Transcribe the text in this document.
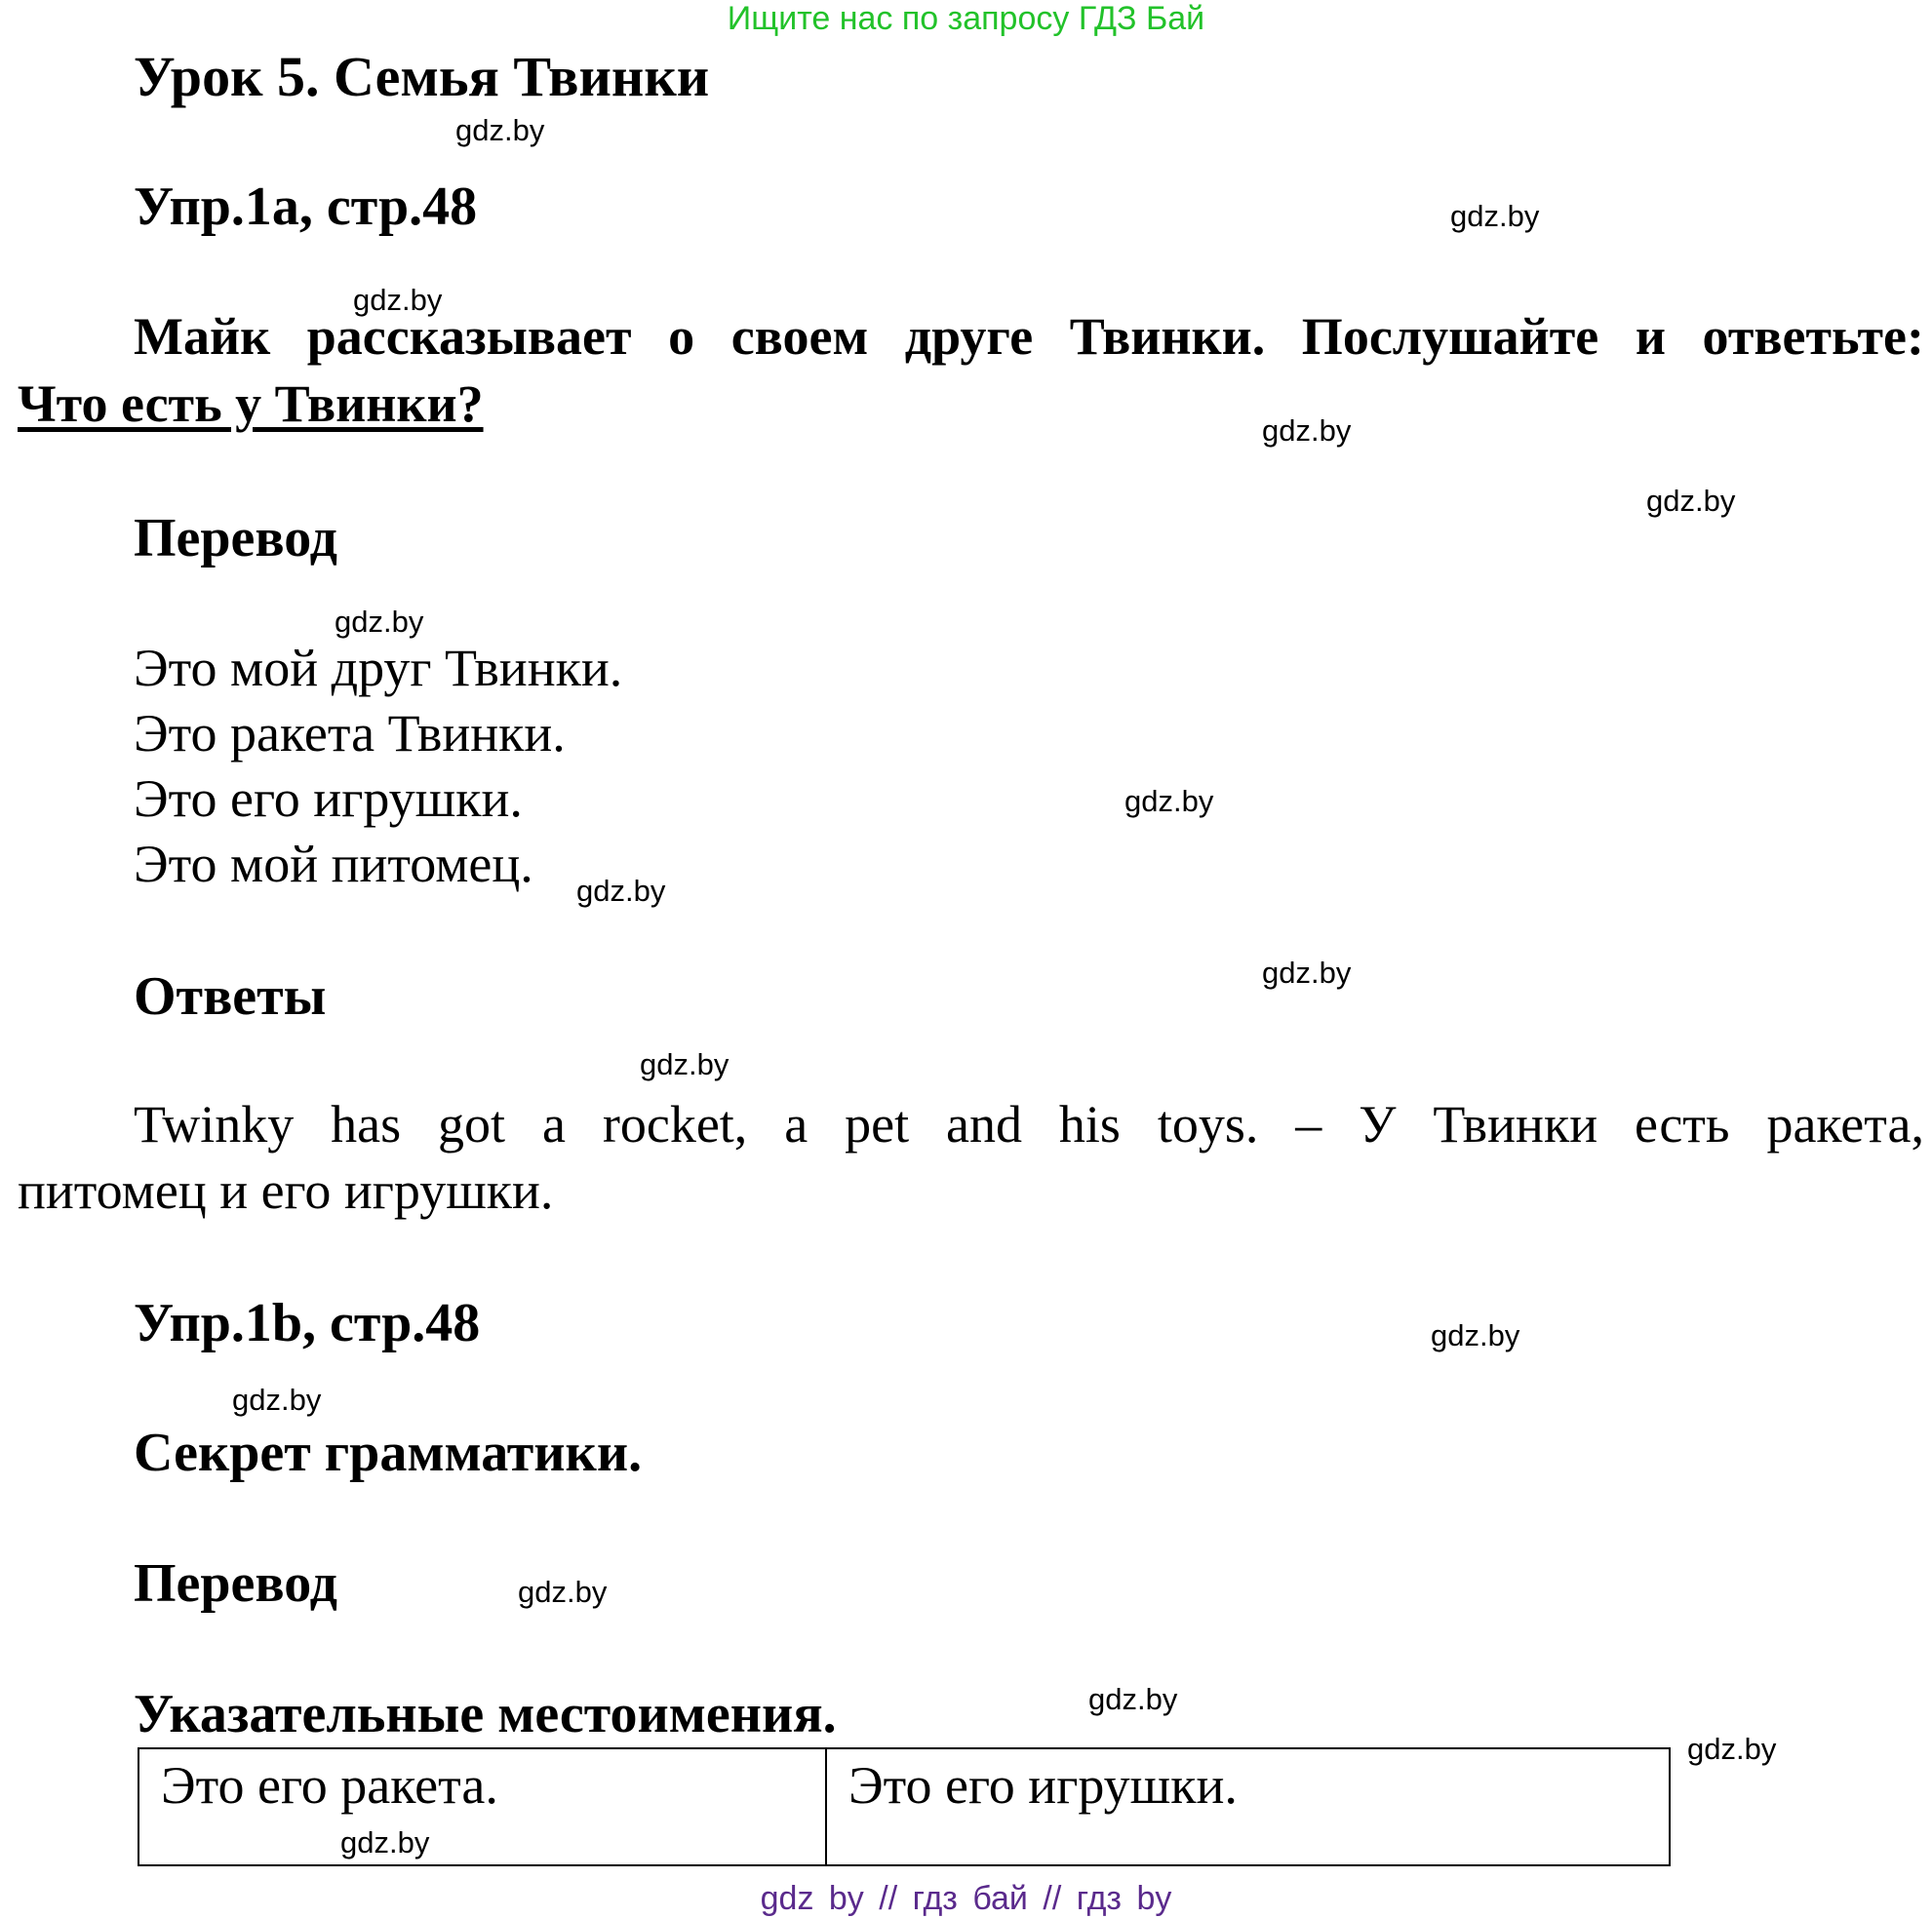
Ищите нас по запросу ГДЗ Бай
Урок 5. Семья Твинки
gdz.by
Упр.1a, стр.48	gdz.by
gdz.by
Майк рассказывает о своем друге Твинки. Послушайте и ответьте:
Что есть у Твинки?	gdz.by
gdz.by
Перевод
gdz.by
Это мой друг Твинки.
Это ракета Твинки.
Это его игрушки.	gdz.by
Это мой питомец. gdz.by
gdz.by
Ответы
gdz.by
Twinky has got a rocket, a pet and his toys. – У Твинки есть ракета,
питомец и его игрушки.
Упр.1b, стр.48	gdz.by
gdz.by
Секрет грамматики.
Перевод	gdz.by
gdz.by
Указательные местоимения.
gdz.by
Это его ракета.	Это его игрушки.
gdz.by
gdz by // гдз бай // гдз by
